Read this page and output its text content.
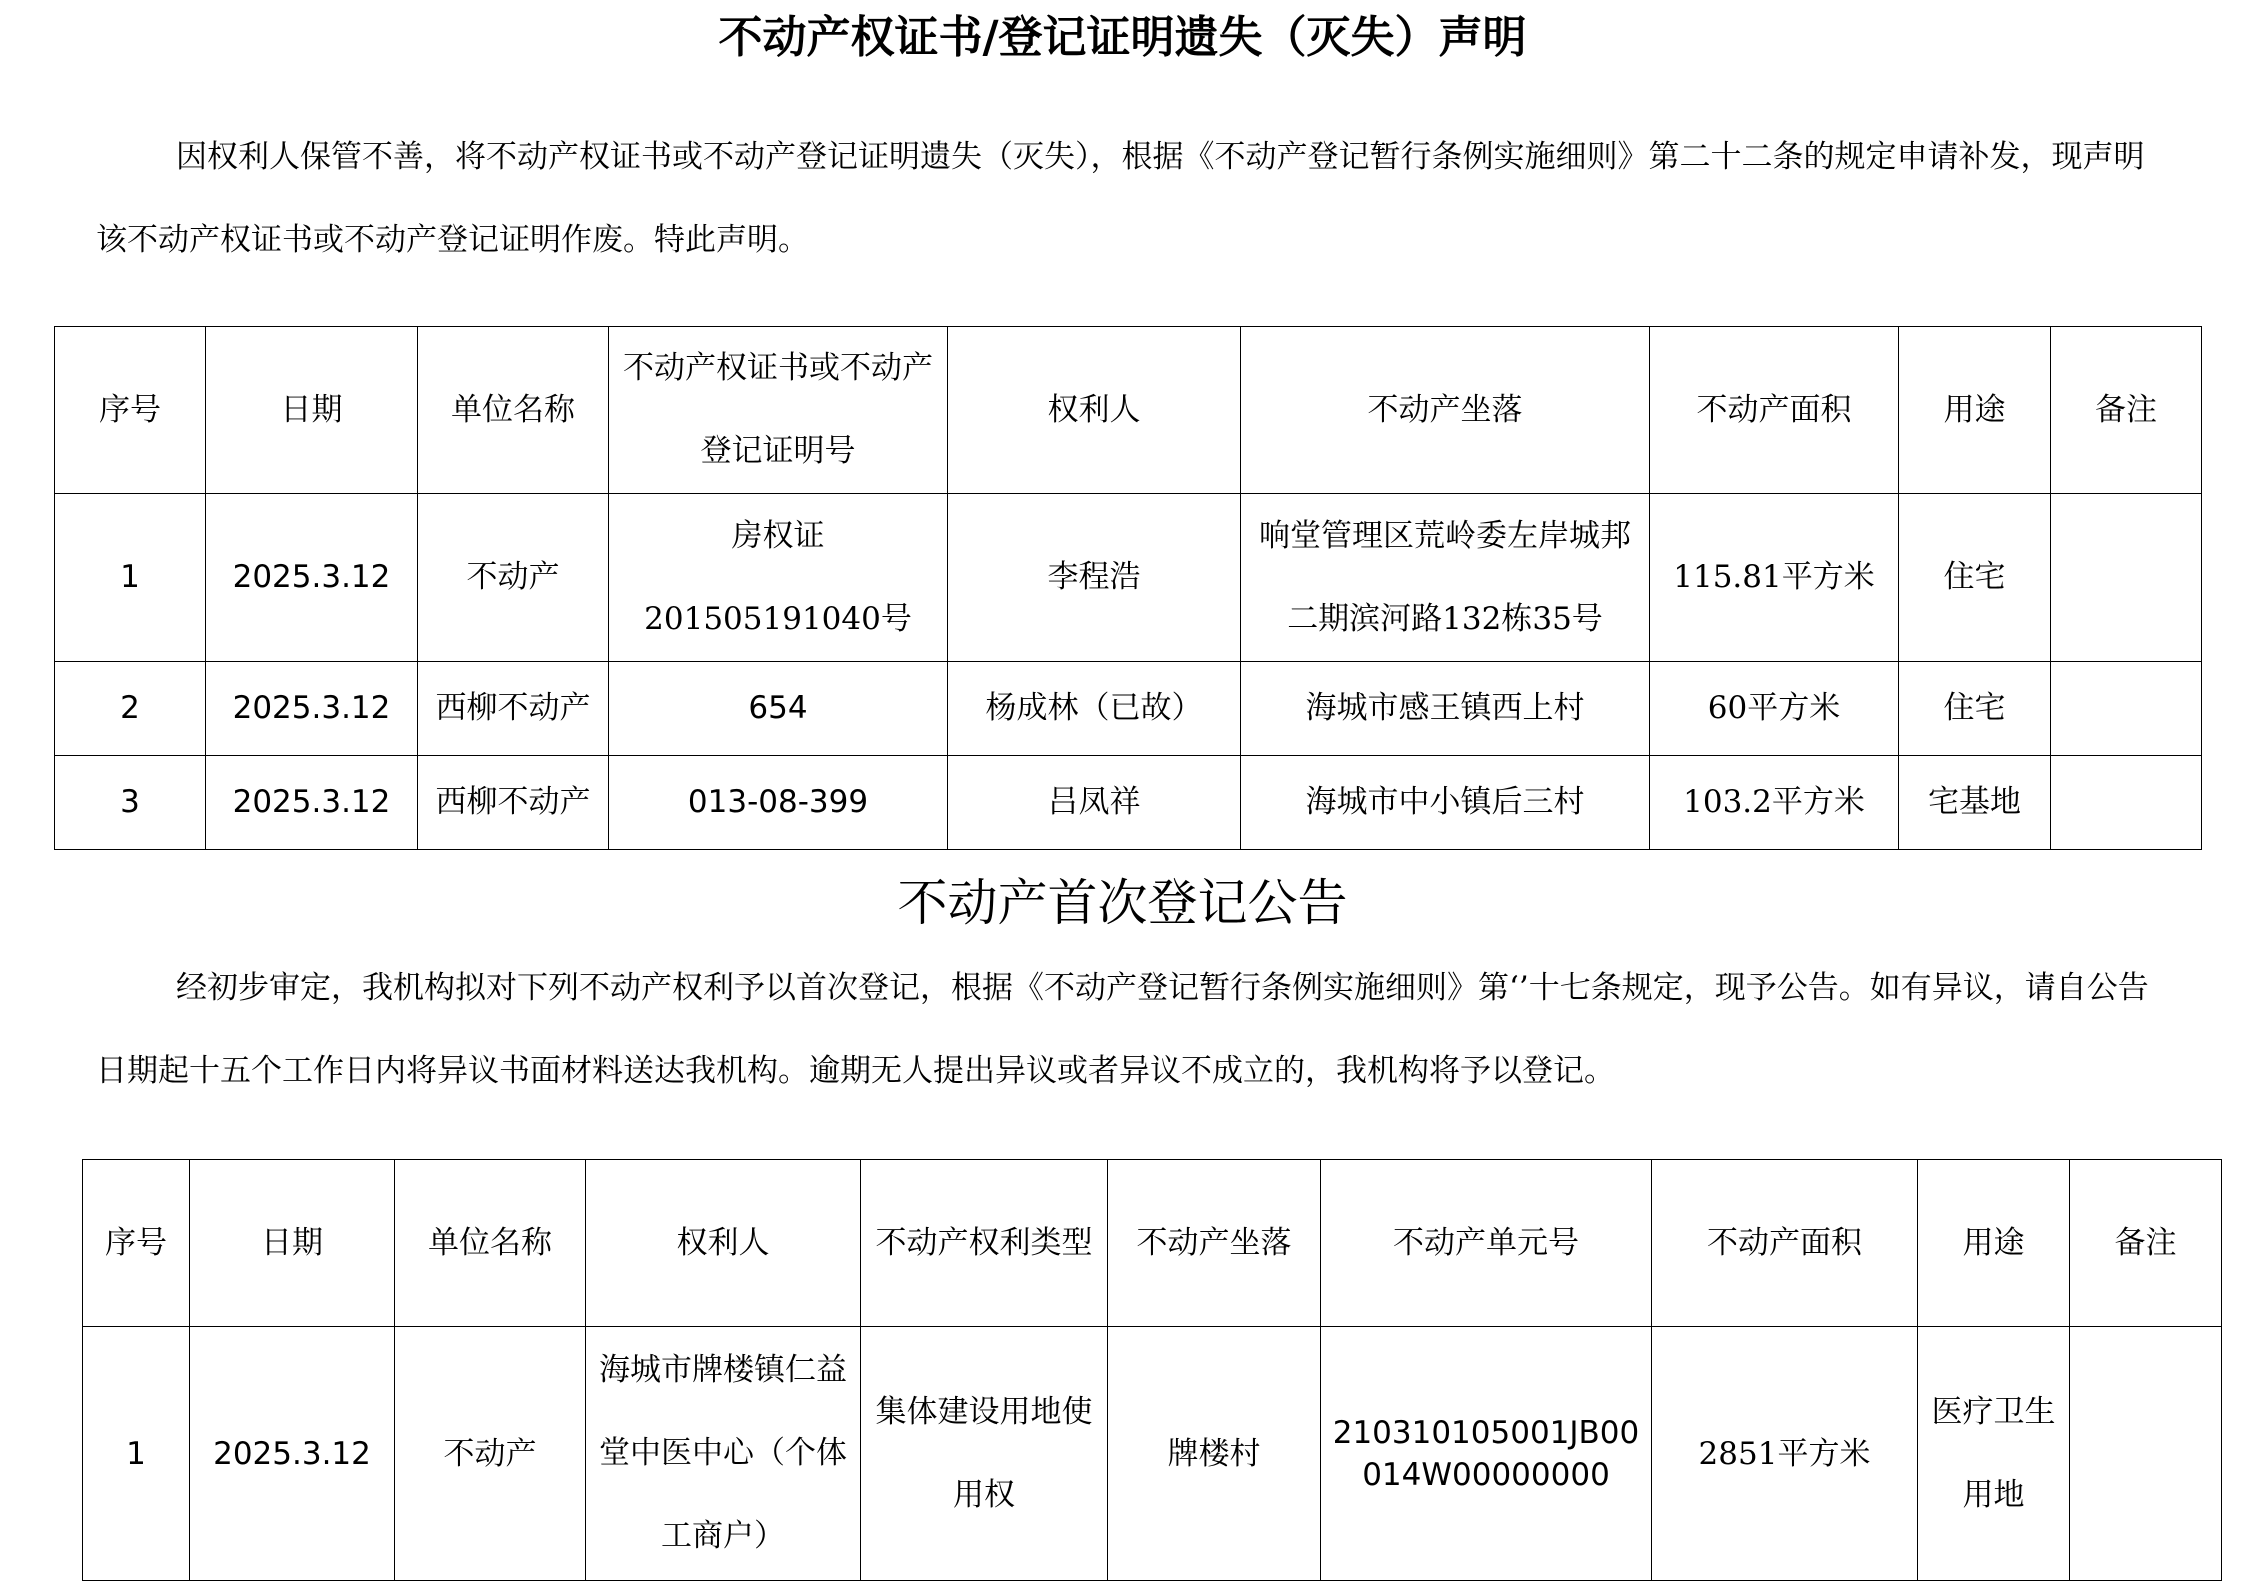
不动产权证书/登记证明遗失（灭失）声明
因权利人保管不善，将不动产权证书或不动产登记证明遗失（灭失），根据《不动产登记暂行条例实施细则》第二十二条的规定申请补发，现声明该不动产权证书或不动产登记证明作废。特此声明。
序号	日期	单位名称	不动产权证书或不动产登记证明号	权利人	不动产坐落	不动产面积	用途	备注
1	2025.3.12	不动产	房权证201505191040号	李程浩	响堂管理区荒岭委左岸城邦二期滨河路132栋35号	115.81平方米	住宅	
2	2025.3.12	西柳不动产	654	杨成林（已故）	海城市感王镇西上村	60平方米	住宅	
3	2025.3.12	西柳不动产	013-08-399	吕凤祥	海城市中小镇后三村	103.2平方米	宅基地	
不动产首次登记公告
经初步审定，我机构拟对下列不动产权利予以首次登记，根据《不动产登记暂行条例实施细则》第‘’十七条规定，现予公告。如有异议，请自公告日期起十五个工作日内将异议书面材料送达我机构。逾期无人提出异议或者异议不成立的，我机构将予以登记。
序号	日期	单位名称	权利人	不动产权利类型	不动产坐落	不动产单元号	不动产面积	用途	备注
1	2025.3.12	不动产	海城市牌楼镇仁益堂中医中心（个体工商户）	集体建设用地使用权	牌楼村	210310105001JB00014W00000000	2851平方米	医疗卫生用地	
